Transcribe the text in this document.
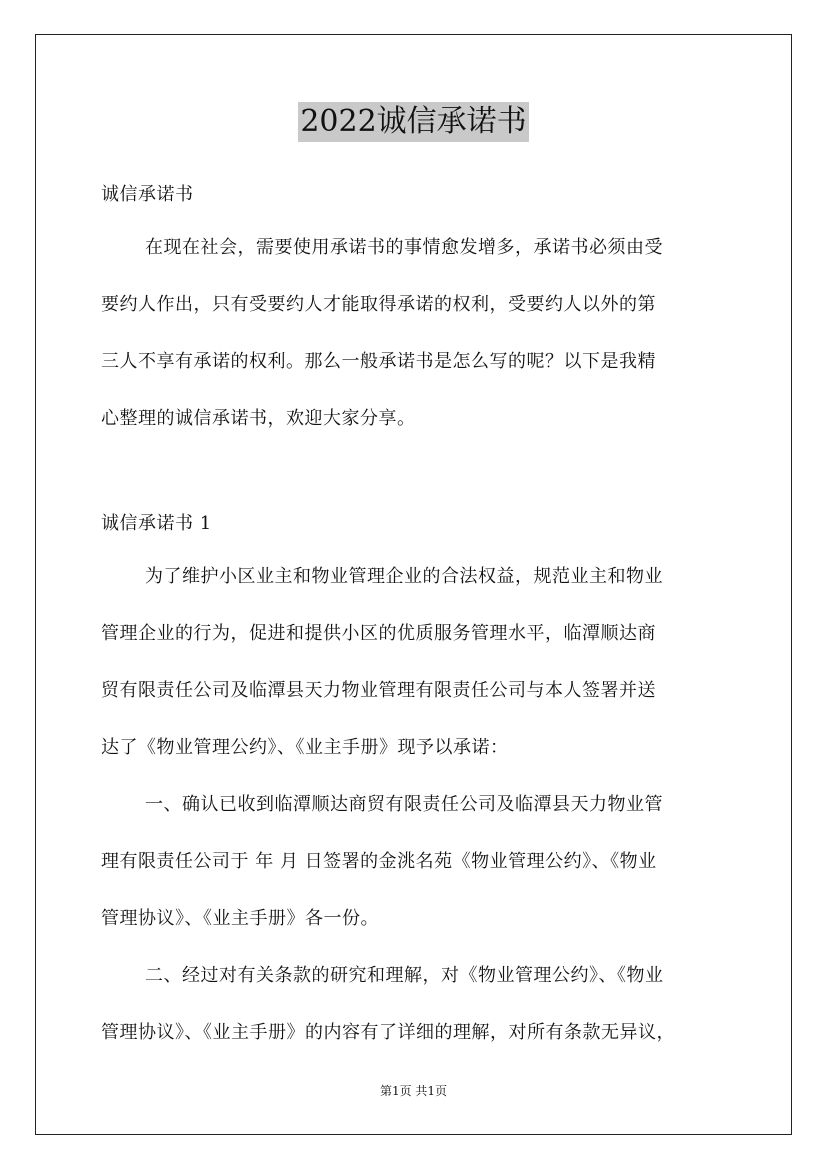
2022诚信承诺书
诚信承诺书
在现在社会，需要使用承诺书的事情愈发增多，承诺书必须由受
要约人作出，只有受要约人才能取得承诺的权利，受要约人以外的第
三人不享有承诺的权利。那么一般承诺书是怎么写的呢？以下是我精
心整理的诚信承诺书，欢迎大家分享。
诚信承诺书 1
为了维护小区业主和物业管理企业的合法权益，规范业主和物业
管理企业的行为，促进和提供小区的优质服务管理水平，临潭顺达商
贸有限责任公司及临潭县天力物业管理有限责任公司与本人签署并送
达了《物业管理公约》、《业主手册》现予以承诺：
一、确认已收到临潭顺达商贸有限责任公司及临潭县天力物业管
理有限责任公司于 年 月 日签署的金洮名苑《物业管理公约》、《物业
管理协议》、《业主手册》各一份。
二、经过对有关条款的研究和理解，对《物业管理公约》、《物业
管理协议》、《业主手册》的内容有了详细的理解，对所有条款无异议，
第1页 共1页
